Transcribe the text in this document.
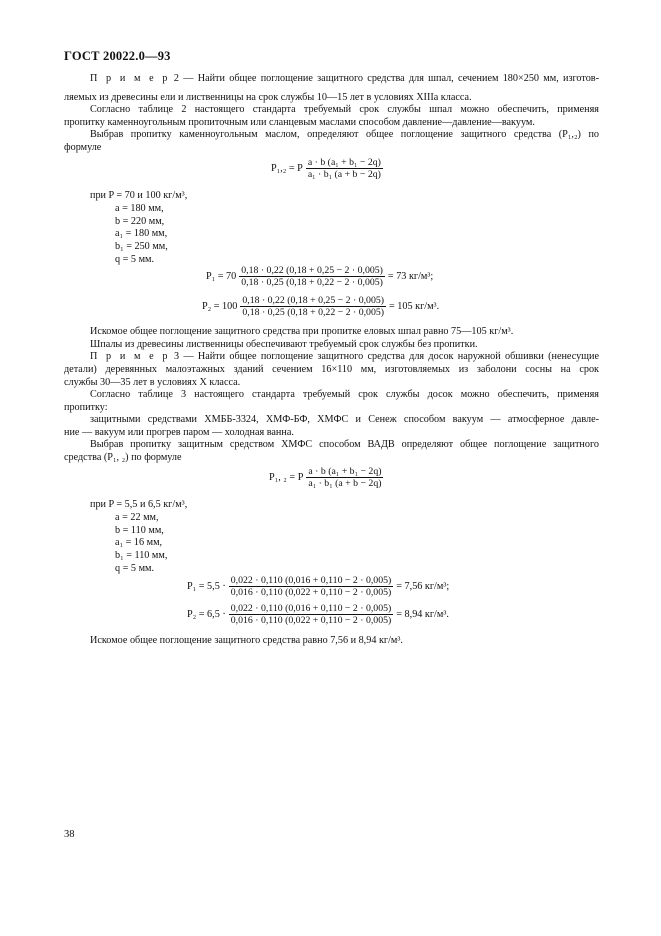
ГОСТ 20022.0—93
П р и м е р 2 — Найти общее поглощение защитного средства для шпал, сечением 180×250 мм, изготов-
ляемых из древесины ели и лиственницы на срок службы 10—15 лет в условиях XIIIа класса.
Согласно таблице 2 настоящего стандарта требуемый срок службы шпал можно обеспечить, применяя
пропитку каменноугольным пропиточным или сланцевым маслами способом давление—давление—вакуум.
Выбрав пропитку каменноугольным маслом, определяют общее поглощение защитного средства (P₁,₂) по
формуле
P₁,₂ = P $\frac{\text{a · b (a₁ + b₁ − 2q)}}{\text{a₁ · b₁ (a + b − 2q)}}$
при P = 70 и 100 кг/м³,
a = 180 мм,
b = 220 мм,
a₁ = 180 мм,
b₁ = 250 мм,
q = 5 мм.
$P_1 = 70 \frac{0,18 \cdot 0,22 (0,18 + 0,25 - 2 \cdot 0,005)}{0,18 \cdot 0,25 (0,18 + 0,22 - 2 \cdot 0,005)} = 73$ кг/м³;
$P_2 = 100 \frac{0,18 \cdot 0,22 (0,18 + 0,25 - 2 \cdot 0,005)}{0,18 \cdot 0,25 (0,18 + 0,22 - 2 \cdot 0,005)} = 105$ кг/м³.
Искомое общее поглощение защитного средства при пропитке еловых шпал равно 75—105 кг/м³.
Шпалы из древесины лиственницы обеспечивают требуемый срок службы без пропитки.
П р и м е р 3 — Найти общее поглощение защитного средства для досок наружной обшивки (ненесущие
детали) деревянных малоэтажных зданий сечением 16×110 мм, изготовляемых из заболони сосны на срок
службы 30—35 лет в условиях X класса.
Согласно таблице 3 настоящего стандарта требуемый срок службы досок можно обеспечить, применяя
пропитку:
защитными средствами ХМББ-3324, ХМФ-БФ, ХМФС и Сенеж способом вакуум — атмосферное давле-
ние — вакуум или прогрев паром — холодная ванна.
Выбрав пропитку защитным средством ХМФС способом ВАДВ определяют общее поглощение защитного
средства (P₁, ₂) по формуле
P₁, ₂ = P $\frac{\text{a · b (a₁ + b₁ − 2q)}}{\text{a₁ · b₁ (a + b − 2q)}}$
при P = 5,5 и 6,5 кг/м³,
a = 22 мм,
b = 110 мм,
a₁ = 16 мм,
b₁ = 110 мм,
q = 5 мм.
$P_1 = 5,5 \cdot \frac{0,022 \cdot 0,110 (0,016 + 0,110 - 2 \cdot 0,005)}{0,016 \cdot 0,110 (0,022 + 0,110 - 2 \cdot 0,005)} = 7,56$ кг/м³;
$P_2 = 6,5 \cdot \frac{0,022 \cdot 0,110 (0,016 + 0,110 - 2 \cdot 0,005)}{0,016 \cdot 0,110 (0,022 + 0,110 - 2 \cdot 0,005)} = 8,94$ кг/м³.
Искомое общее поглощение защитного средства равно 7,56 и 8,94 кг/м³.
38
